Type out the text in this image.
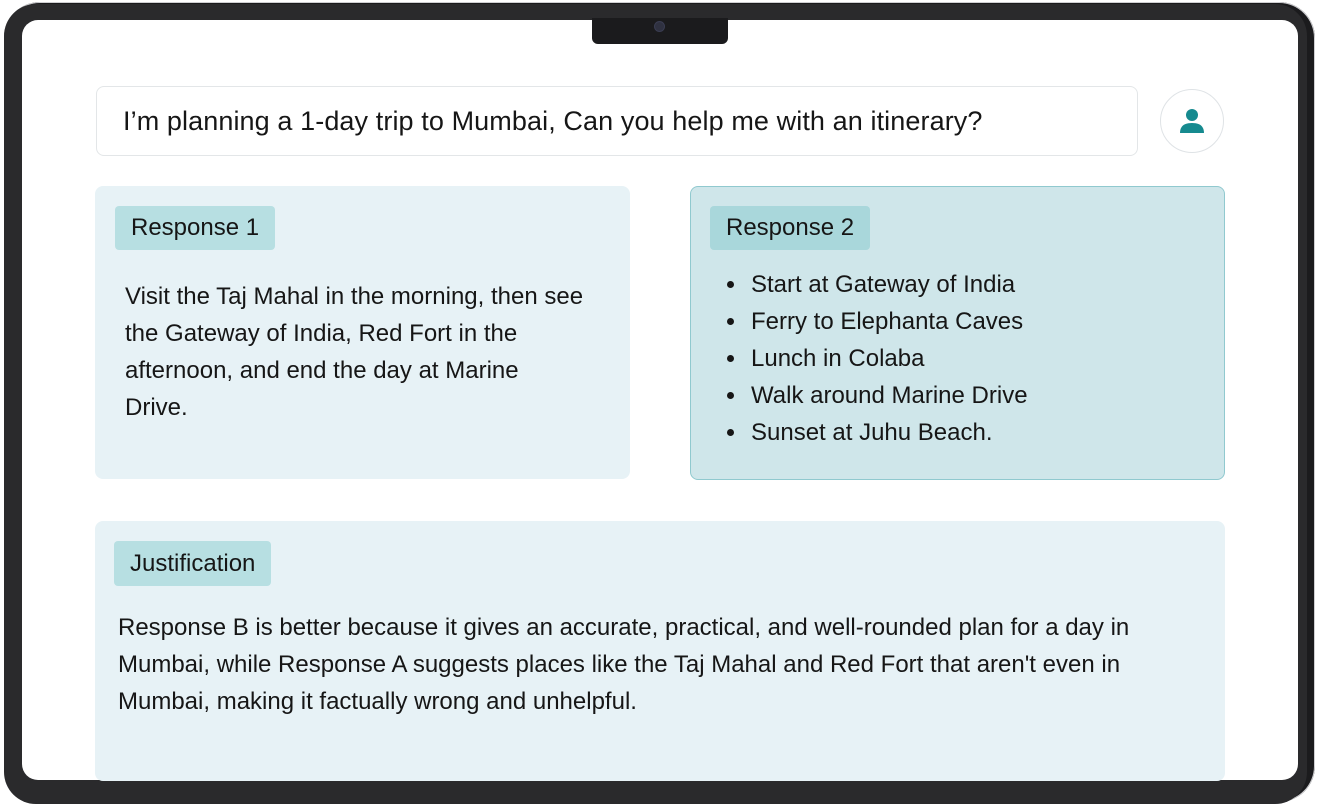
I’m planning a 1-day trip to Mumbai, Can you help me with an itinerary?
Response 1
Visit the Taj Mahal in the morning, then see the Gateway of India, Red Fort in the afternoon, and end the day at Marine Drive.
Response 2
Start at Gateway of India
Ferry to Elephanta Caves
Lunch in Colaba
Walk around Marine Drive
Sunset at Juhu Beach.
Justification
Response B is better because it gives an accurate, practical, and well-rounded plan for a day in Mumbai, while Response A suggests places like the Taj Mahal and Red Fort that aren't even in Mumbai, making it factually wrong and unhelpful.
